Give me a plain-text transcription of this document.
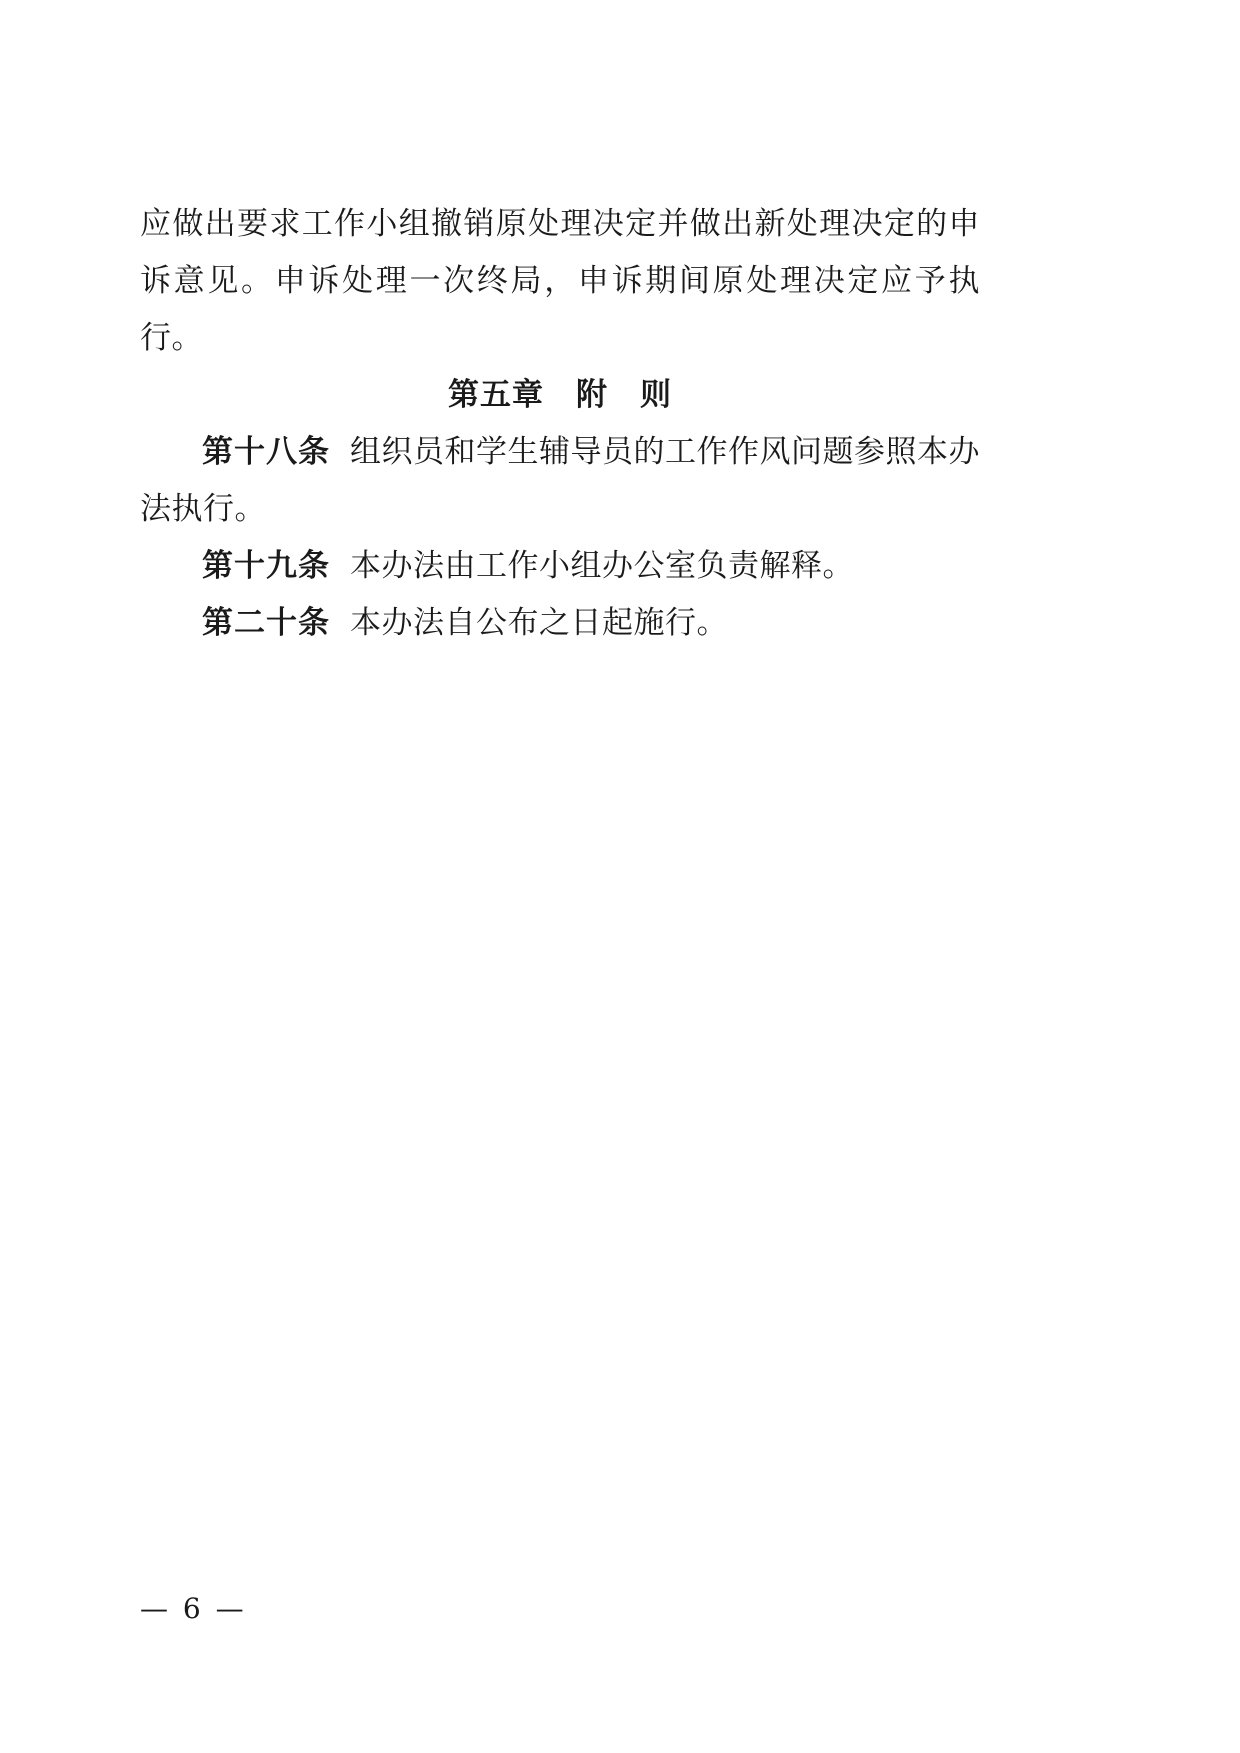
应做出要求工作小组撤销原处理决定并做出新处理决定的申诉意见。申诉处理一次终局，申诉期间原处理决定应予执行。

第五章　附　则

第十八条 组织员和学生辅导员的工作作风问题参照本办法执行。

第十九条 本办法由工作小组办公室负责解释。

第二十条 本办法自公布之日起施行。

— 6 —
